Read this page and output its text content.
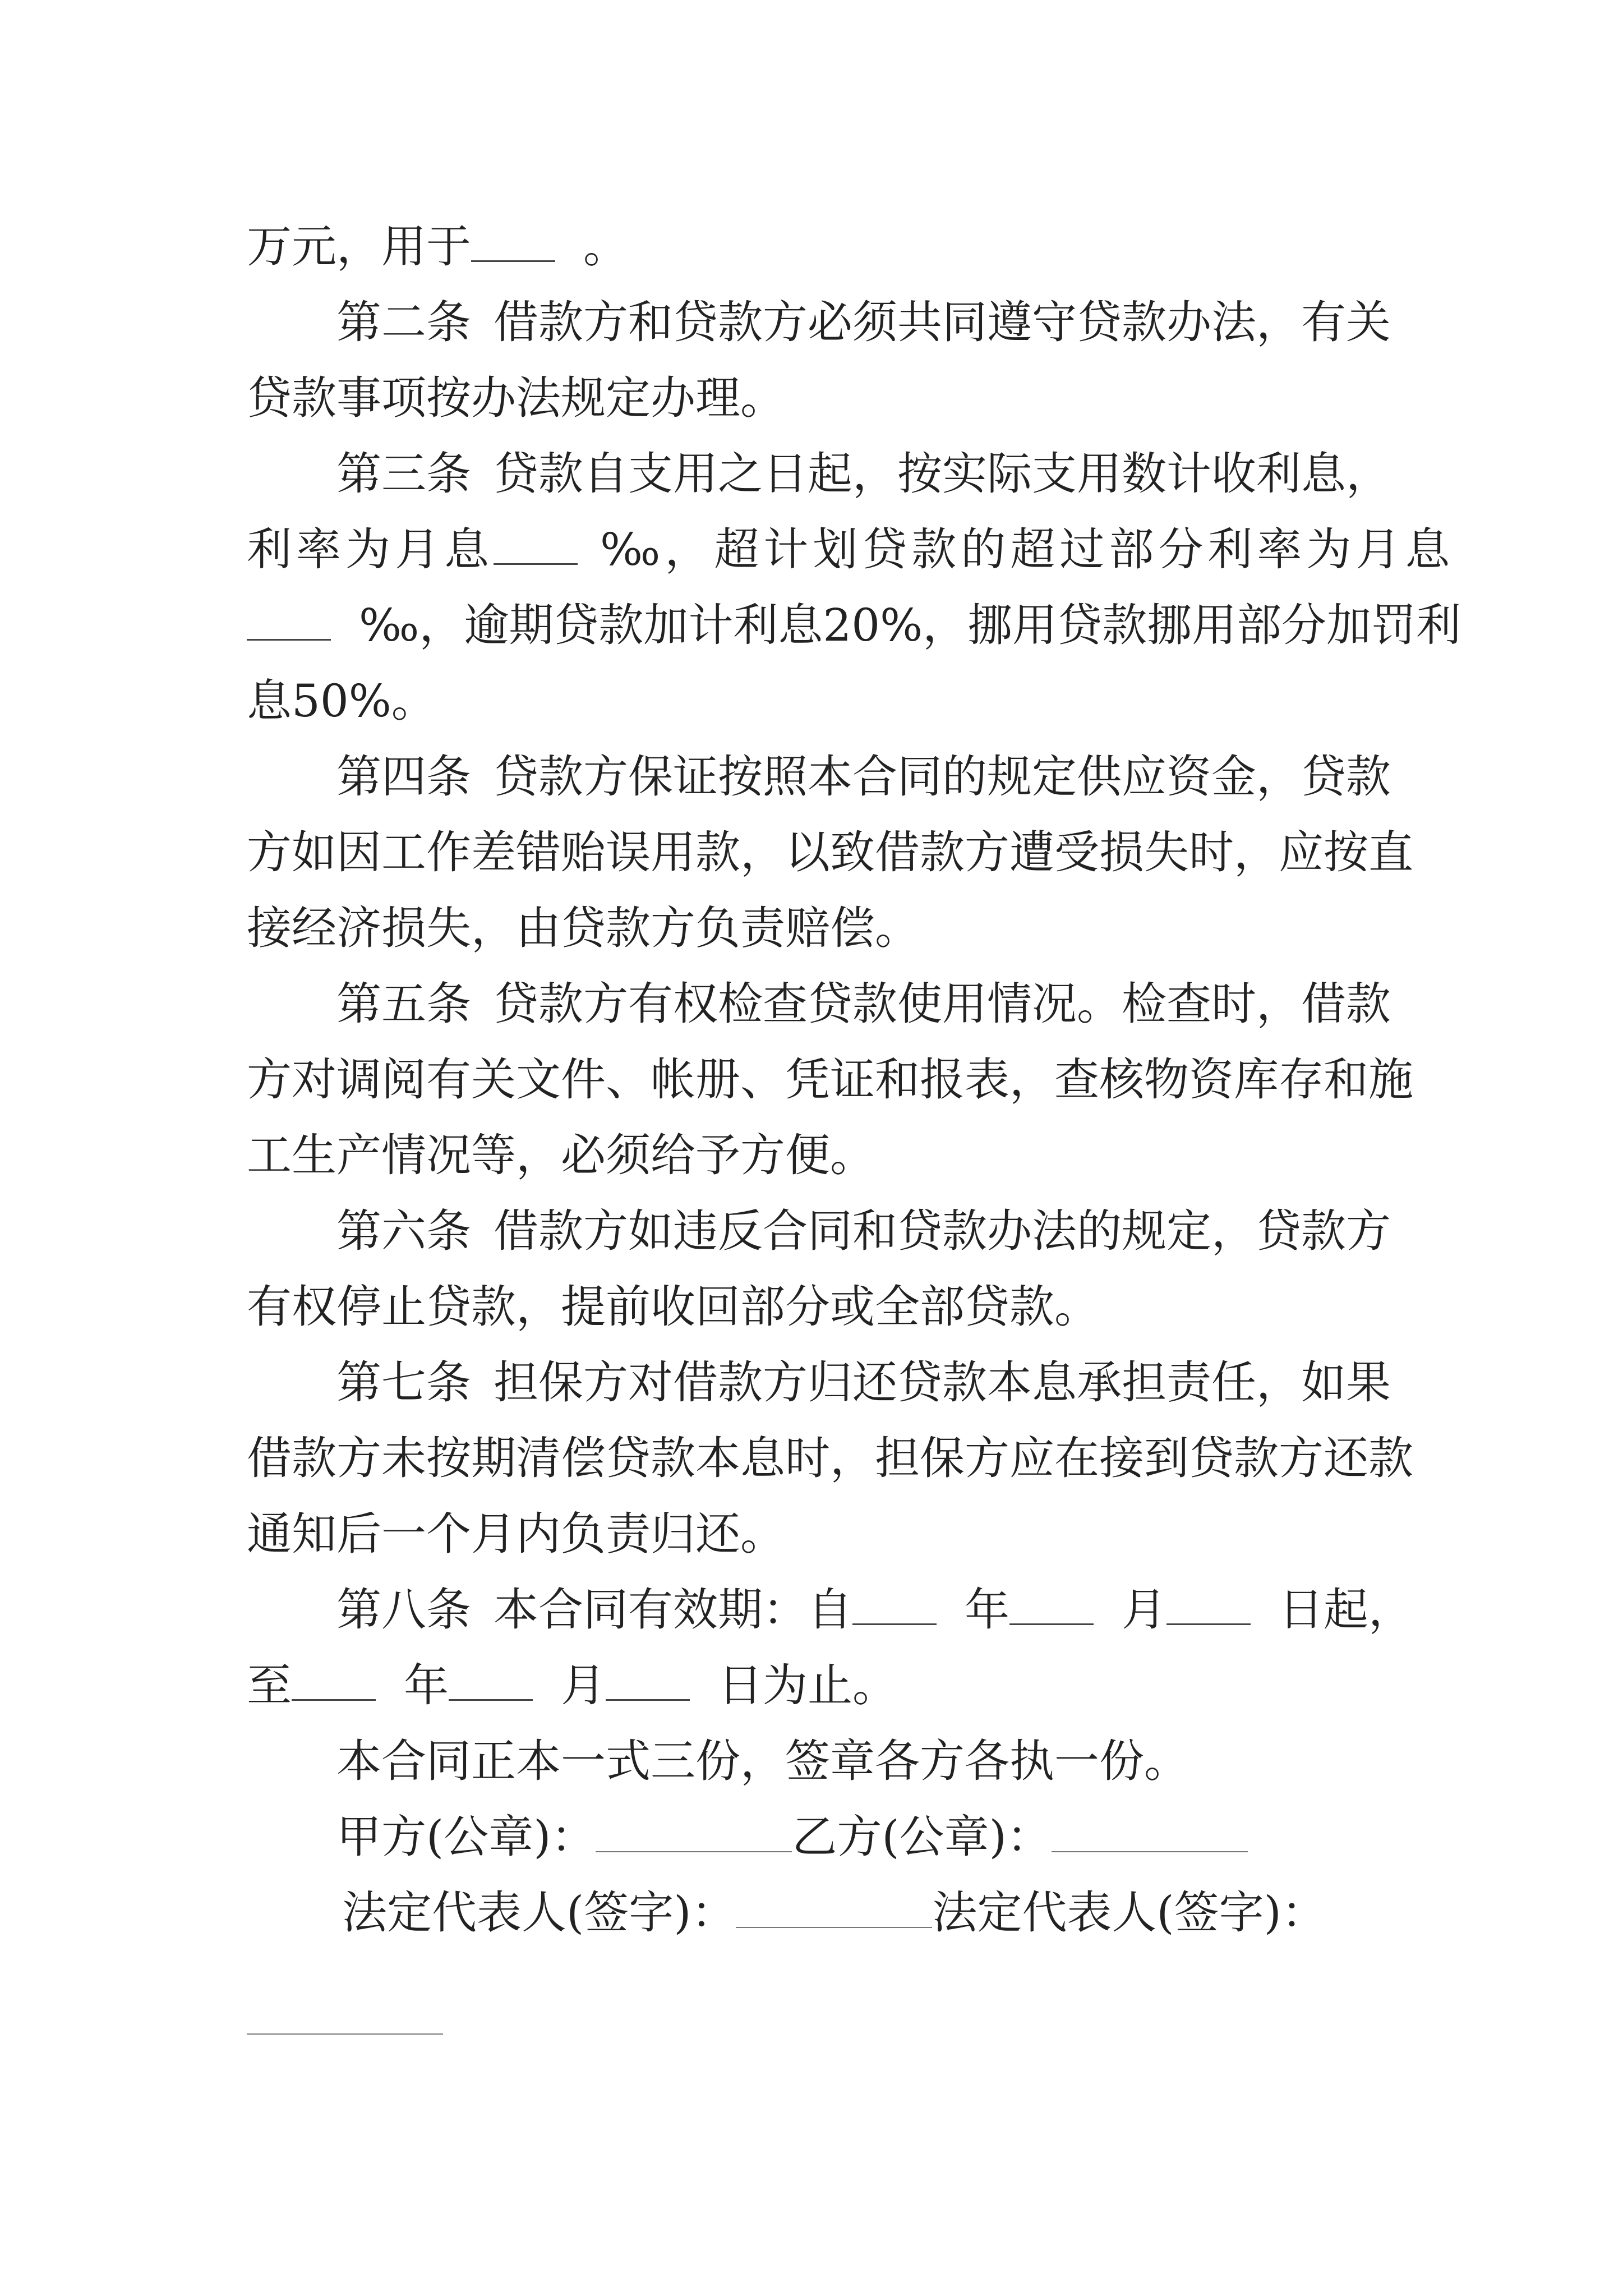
万元，用于	。
第二条 借款方和贷款方必须共同遵守贷款办法，有关
贷款事项按办法规定办理。
第三条 贷款自支用之日起，按实际支用数计收利息，
利率为月息 ‰，超计划贷款的超过部分利率为月息
‰，逾期贷款加计利息20%，挪用贷款挪用部分加罚利
息50%。
第四条 贷款方保证按照本合同的规定供应资金，贷款
方如因工作差错贻误用款，以致借款方遭受损失时，应按直
接经济损失，由贷款方负责赔偿。
第五条 贷款方有权检查贷款使用情况。检查时，借款
方对调阅有关文件、帐册、凭证和报表，查核物资库存和施
工生产情况等，必须给予方便。
第六条 借款方如违反合同和贷款办法的规定，贷款方
有权停止贷款，提前收回部分或全部贷款。
第七条 担保方对借款方归还贷款本息承担责任，如果
借款方未按期清偿贷款本息时，担保方应在接到贷款方还款
通知后一个月内负责归还。
第八条 本合同有效期：自	年	月	日起，
至	年	月	日为止。
本合同正本一式三份，签章各方各执一份。
甲方(公章)：	乙方(公章)：
法定代表人(签字)：	法定代表人(签字)：
